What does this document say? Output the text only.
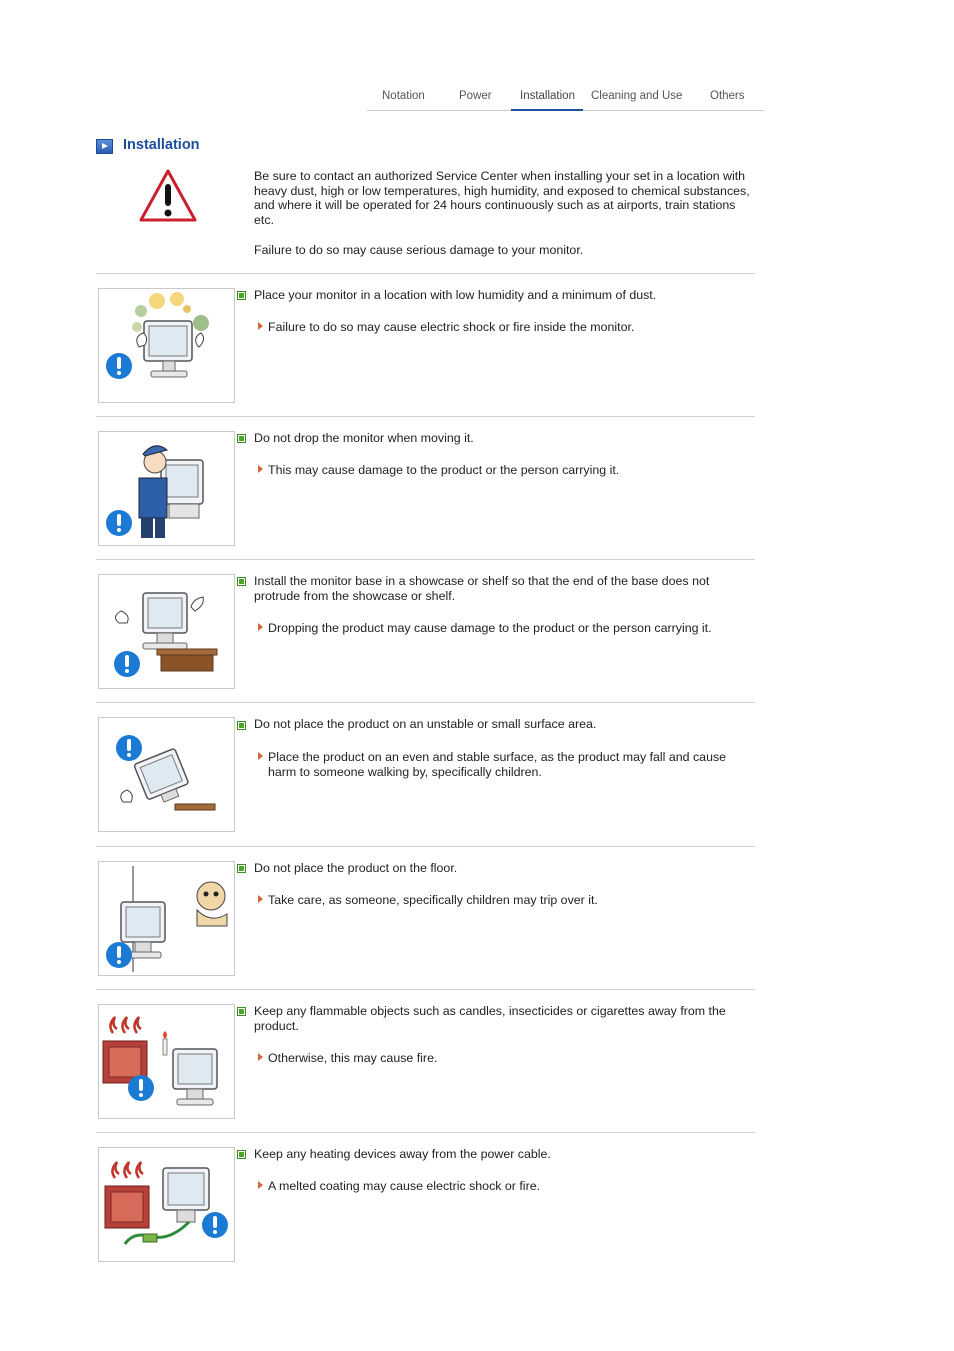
Notation	Power Installation Cleaning and Use Others
Installation

Be sure to contact an authorized Service Center when installing your set in a location with heavy dust, high or low temperatures, high humidity, and exposed to chemical substances, and where it will be operated for 24 hours continuously such as at airports, train stations etc.

Failure to do so may cause serious damage to your monitor.

Place your monitor in a location with low humidity and a minimum of dust.

Failure to do so may cause electric shock or fire inside the monitor.

Do not drop the monitor when moving it.

This may cause damage to the product or the person carrying it.

Install the monitor base in a showcase or shelf so that the end of the base does not protrude from the showcase or shelf.

Dropping the product may cause damage to the product or the person carrying it.

Do not place the product on an unstable or small surface area.

Place the product on an even and stable surface, as the product may fall and cause harm to someone walking by, specifically children.

Do not place the product on the floor.

Take care, as someone, specifically children may trip over it.

Keep any flammable objects such as candles, insecticides or cigarettes away from the product.

Otherwise, this may cause fire.

Keep any heating devices away from the power cable.

A melted coating may cause electric shock or fire.
